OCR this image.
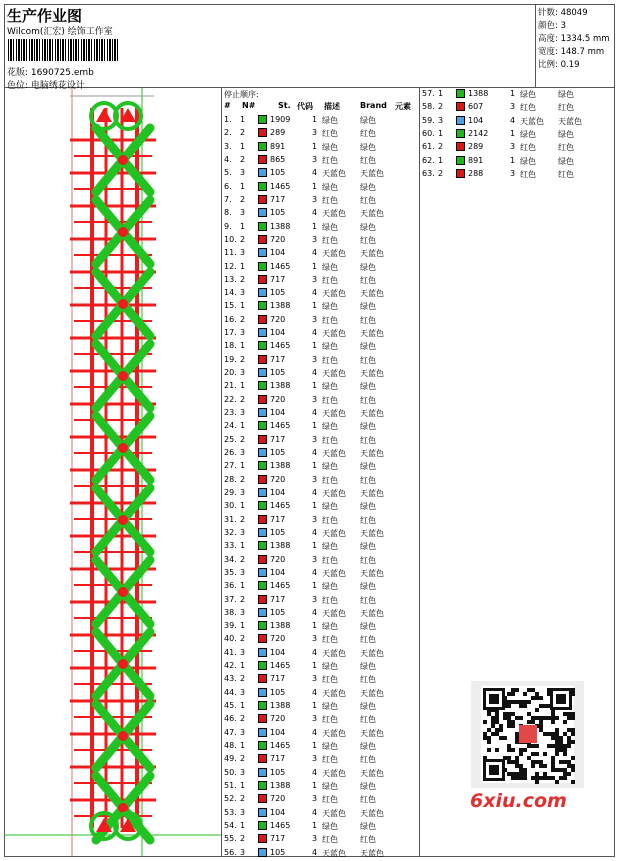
生产作业图
Wilcom(汇宏) 绘饰工作室
花版: 1690725.emb
色位: 电脑绣花设计
针数: 48049
颜色: 3
高度: 1334.5 mm
宽度: 148.7 mm
比例: 0.19
停止顺序:
# N#	St. 代码 描述	Brand 元素
1. 1	1909	1 绿色	绿色
2. 2	289	3 红色	红色
3. 1	891	1 绿色	绿色
4. 2	865	3 红色	红色
5. 3	105	4 天蓝色 天蓝色
6. 1	1465	1 绿色	绿色
7. 2	717	3 红色	红色
8. 3	105	4 天蓝色 天蓝色
9. 1	1388	1 绿色	绿色
10. 2	720	3 红色	红色
11. 3	104	4 天蓝色 天蓝色
12. 1	1465	1 绿色	绿色
13. 2	717	3 红色	红色
14. 3	105	4 天蓝色 天蓝色
15. 1	1388	1 绿色	绿色
16. 2	720	3 红色	红色
17. 3	104	4 天蓝色 天蓝色
18. 1	1465	1 绿色	绿色
19. 2	717	3 红色	红色
20. 3	105	4 天蓝色 天蓝色
21. 1	1388	1 绿色	绿色
22. 2	720	3 红色	红色
23. 3	104	4 天蓝色 天蓝色
24. 1	1465	1 绿色	绿色
25. 2	717	3 红色	红色
26. 3	105	4 天蓝色 天蓝色
27. 1	1388	1 绿色	绿色
28. 2	720	3 红色	红色
29. 3	104	4 天蓝色 天蓝色
30. 1	1465	1 绿色	绿色
31. 2	717	3 红色	红色
32. 3	105	4 天蓝色 天蓝色
33. 1	1388	1 绿色	绿色
34. 2	720	3 红色	红色
35. 3	104	4 天蓝色 天蓝色
36. 1	1465	1 绿色	绿色
37. 2	717	3 红色	红色
38. 3	105	4 天蓝色 天蓝色
39. 1	1388	1 绿色	绿色
40. 2	720	3 红色	红色
41. 3	104	4 天蓝色 天蓝色
42. 1	1465	1 绿色	绿色
43. 2	717	3 红色	红色
44. 3	105	4 天蓝色 天蓝色
45. 1	1388	1 绿色	绿色
46. 2	720	3 红色	红色
47. 3	104	4 天蓝色 天蓝色
48. 1	1465	1 绿色	绿色
49. 2	717	3 红色	红色
50. 3	105	4 天蓝色 天蓝色
51. 1	1388	1 绿色	绿色
52. 2	720	3 红色	红色
53. 3	104	4 天蓝色 天蓝色
54. 1	1465	1 绿色	绿色
55. 2	717	3 红色	红色
56. 3	105	4 天蓝色 天蓝色
57. 1	1388	1 绿色	绿色
58. 2	607	3 红色	红色
59. 3	104	4 天蓝色 天蓝色
60. 1	2142	1 绿色	绿色
61. 2	289	3 红色	红色
62. 1	891	1 绿色	绿色
63. 2	288	3 红色	红色
6xiu.com
